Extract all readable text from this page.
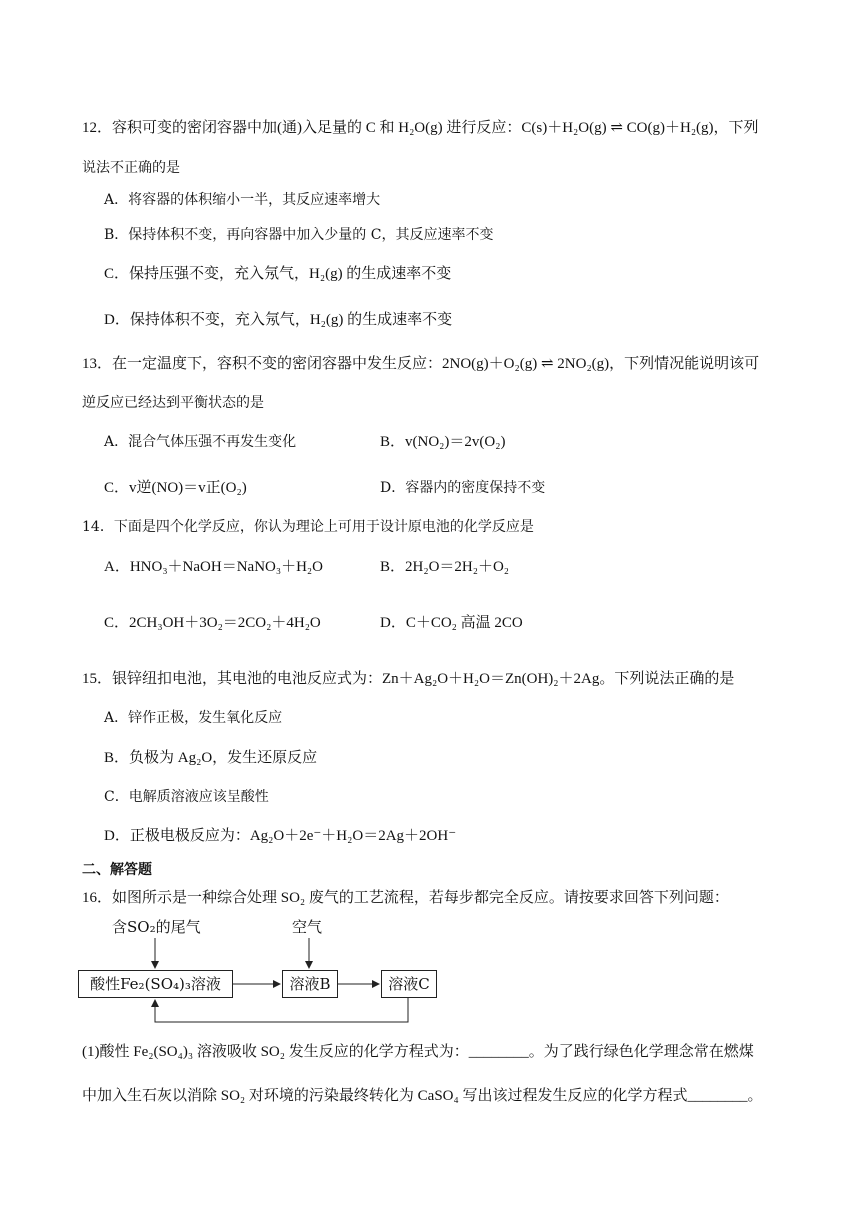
12．容积可变的密闭容器中加(通)入足量的 C 和 H₂O(g) 进行反应：C(s)＋H₂O(g) ⇌ CO(g)＋H₂(g)，下列
说法不正确的是
A．将容器的体积缩小一半，其反应速率增大
B．保持体积不变，再向容器中加入少量的 C，其反应速率不变
C．保持压强不变，充入氖气，H₂(g) 的生成速率不变
D．保持体积不变，充入氖气，H₂(g) 的生成速率不变
13．在一定温度下，容积不变的密闭容器中发生反应：2NO(g)＋O₂(g) ⇌ 2NO₂(g)，下列情况能说明该可
逆反应已经达到平衡状态的是
A．混合气体压强不再发生变化	B．v(NO₂)＝2v(O₂)
C．v逆(NO)＝v正(O₂)	D．容器内的密度保持不变
14．下面是四个化学反应，你认为理论上可用于设计原电池的化学反应是
A．HNO₃＋NaOH＝NaNO₃＋H₂O	B．2H₂O＝2H₂＋O₂
C．2CH₃OH＋3O₂＝2CO₂＋4H₂O	D．C＋CO₂ 高温 2CO
15．银锌纽扣电池，其电池的电池反应式为：Zn＋Ag₂O＋H₂O＝Zn(OH)₂＋2Ag。下列说法正确的是
A．锌作正极，发生氧化反应
B．负极为 Ag₂O，发生还原反应
C．电解质溶液应该呈酸性
D．正极电极反应为：Ag₂O＋2e⁻＋H₂O＝2Ag＋2OH⁻
二、解答题
16．如图所示是一种综合处理 SO₂ 废气的工艺流程，若每步都完全反应。请按要求回答下列问题：
含SO₂的尾气	空气
酸性Fe₂(SO₄)₃溶液	溶液B	溶液C
(1)酸性 Fe₂(SO₄)₃ 溶液吸收 SO₂ 发生反应的化学方程式为：________。为了践行绿色化学理念常在燃煤
中加入生石灰以消除 SO₂ 对环境的污染最终转化为 CaSO₄ 写出该过程发生反应的化学方程式________。
